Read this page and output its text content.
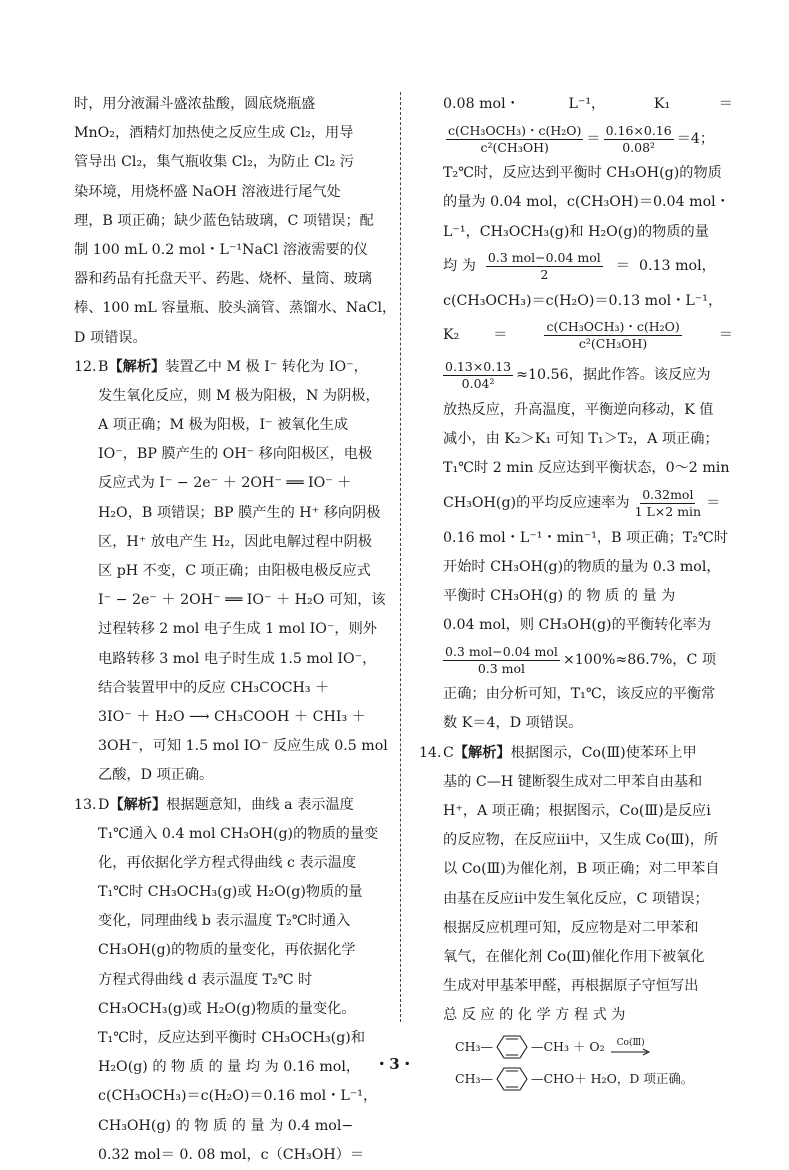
时，用分液漏斗盛浓盐酸，圆底烧瓶盛
MnO₂，酒精灯加热使之反应生成 Cl₂，用导
管导出 Cl₂，集气瓶收集 Cl₂，为防止 Cl₂ 污
染环境，用烧杯盛 NaOH 溶液进行尾气处
理，B 项正确；缺少蓝色钴玻璃，C 项错误；配
制 100 mL 0.2 mol・L⁻¹NaCl 溶液需要的仪
器和药品有托盘天平、药匙、烧杯、量筒、玻璃
棒、100 mL 容量瓶、胶头滴管、蒸馏水、NaCl，
D 项错误。
12. B 【解析】 装置乙中 M 极 I⁻ 转化为 IO⁻，
发生氧化反应，则 M 极为阳极，N 为阴极，
A 项正确；M 极为阳极，I⁻ 被氧化生成
IO⁻，BP 膜产生的 OH⁻ 移向阳极区，电极
反应式为 I⁻ − 2e⁻ ＋ 2OH⁻ ══ IO⁻ ＋
H₂O，B 项错误；BP 膜产生的 H⁺ 移向阴极
区，H⁺ 放电产生 H₂，因此电解过程中阴极
区 pH 不变，C 项正确；由阳极电极反应式
I⁻ − 2e⁻ ＋ 2OH⁻ ══ IO⁻ ＋ H₂O 可知，该
过程转移 2 mol 电子生成 1 mol IO⁻，则外
电路转移 3 mol 电子时生成 1.5 mol IO⁻，
结合装置甲中的反应 CH₃COCH₃ ＋
3IO⁻ ＋ H₂O ⟶ CH₃COOH ＋ CHI₃ ＋
3OH⁻，可知 1.5 mol IO⁻ 反应生成 0.5 mol
乙酸，D 项正确。
13. D 【解析】 根据题意知，曲线 a 表示温度
T₁℃通入 0.4 mol CH₃OH(g)的物质的量变
化，再依据化学方程式得曲线 c 表示温度
T₁℃时 CH₃OCH₃(g)或 H₂O(g)物质的量
变化，同理曲线 b 表示温度 T₂℃时通入
CH₃OH(g)的物质的量变化，再依据化学
方程式得曲线 d 表示温度 T₂℃ 时
CH₃OCH₃(g)或 H₂O(g)物质的量变化。
T₁℃时，反应达到平衡时 CH₃OCH₃(g)和
H₂O(g) 的 物 质 的 量 均 为 0.16 mol，
c(CH₃OCH₃)＝c(H₂O)＝0.16 mol・L⁻¹，
CH₃OH(g) 的 物 质 的 量 为 0.4 mol−
0.32 mol＝ 0. 08 mol，c（CH₃OH）＝
0.08 mol・	L⁻¹，	K₁	＝
$\frac{\text{c(CH₃OCH₃)・c(H₂O)}}{\text{c²(CH₃OH)}} = \frac{0.16\times 0.16}{\text{0.08²}} =4$；
T₂℃时，反应达到平衡时 CH₃OH(g)的物质
的量为 0.04 mol，c(CH₃OH)＝0.04 mol・
L⁻¹，CH₃OCH₃(g)和 H₂O(g)的物质的量
均 为 $\frac{\text{0.3 mol−0.04 mol}}{2} = 0.13$ mol，
c(CH₃OCH₃)＝c(H₂O)＝0.13 mol・L⁻¹，
K₂ ＝	$\frac{\text{c(CH₃OCH₃)・c(H₂O)}}{\text{c²(CH₃OH)}}$	＝
$\frac{0.13\times 0.13}{\text{0.04²}} \approx 10.56$，据此作答。该反应为
放热反应，升高温度，平衡逆向移动，K 值
减小，由 K₂＞K₁ 可知 T₁＞T₂，A 项正确；
T₁℃时 2 min 反应达到平衡状态，0～2 min
CH₃OH(g)的平均反应速率为 $\frac{\text{0.32mol}}{1 L\times 2 \min}$ ＝
0.16 mol・L⁻¹・min⁻¹，B 项正确；T₂℃时
开始时 CH₃OH(g)的物质的量为 0.3 mol，
平衡时 CH₃OH(g) 的 物 质 的 量 为
0.04 mol，则 CH₃OH(g)的平衡转化率为
$\frac{\text{0.3 mol−0.04 mol}}{\text{0.3 mol}} \times 100\%\approx 86.7\%$，C 项
正确；由分析可知，T₁℃，该反应的平衡常
数 K＝4，D 项错误。
14. C 【解析】 根据图示，Co(Ⅲ)使苯环上甲
基的 C—H 键断裂生成对二甲苯自由基和
H⁺，A 项正确；根据图示，Co(Ⅲ)是反应ⅰ
的反应物，在反应ⅲ中，又生成 Co(Ⅲ)，所
以 Co(Ⅲ)为催化剂，B 项正确；对二甲苯自
由基在反应ⅱ中发生氧化反应，C 项错误；
根据反应机理可知，反应物是对二甲苯和
氧气，在催化剂 Co(Ⅲ)催化作用下被氧化
生成对甲基苯甲醛，再根据原子守恒写出
总 反 应 的 化 学 方 程 式 为
CH₃—	—CH₃ ＋ O₂ Co(Ⅲ)
CH₃—	—CHO＋ H₂O，D 项正确。
・3・
